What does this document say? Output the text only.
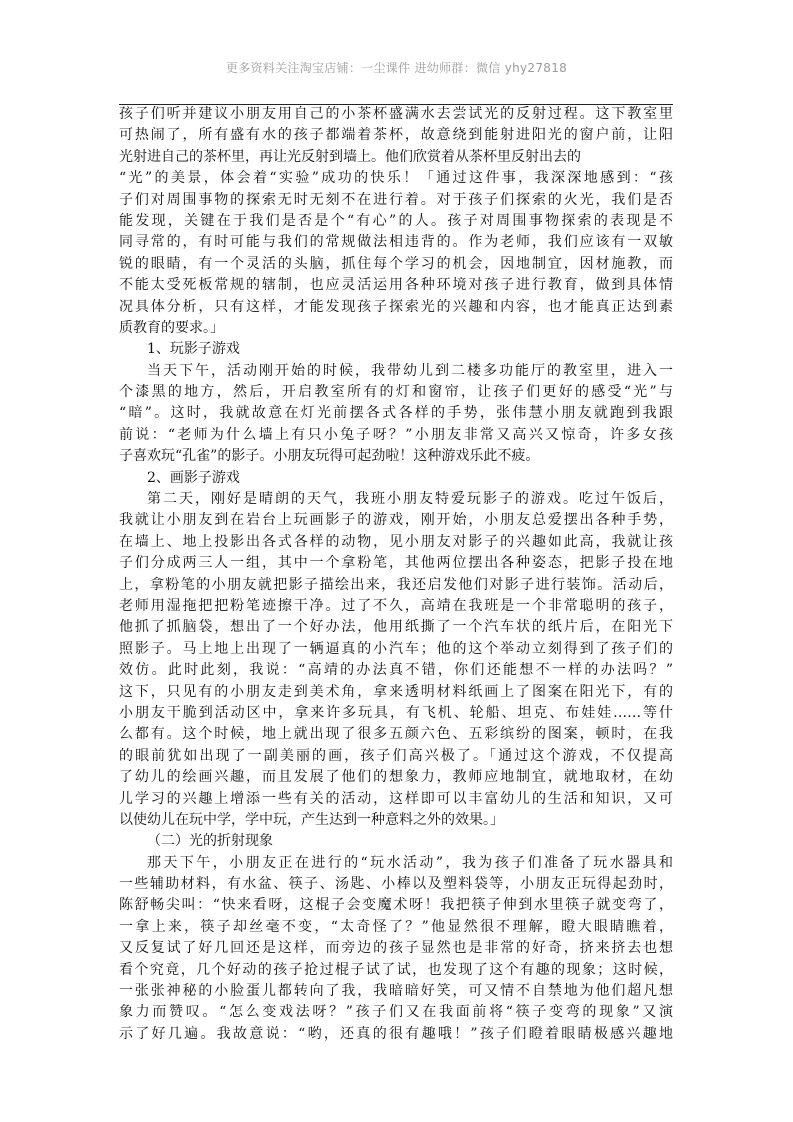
更多资料关注淘宝店铺：一尘课件 进幼师群：微信 yhy27818
孩子们听并建议小朋友用自己的小茶杯盛满水去尝试光的反射过程。这下教室里
可热闹了，所有盛有水的孩子都端着茶杯，故意绕到能射进阳光的窗户前，让阳
光射进自己的茶杯里，再让光反射到墙上。他们欣赏着从茶杯里反射出去的
“光”的美景，体会着“实验”成功的快乐！「通过这件事，我深深地感到：“孩
子们对周围事物的探索无时无刻不在进行着。对于孩子们探索的火光，我们是否
能发现，关键在于我们是否是个“有心”的人。孩子对周围事物探索的表现是不
同寻常的，有时可能与我们的常规做法相违背的。作为老师，我们应该有一双敏
锐的眼睛，有一个灵活的头脑，抓住每个学习的机会，因地制宜，因材施教，而
不能太受死板常规的辖制，也应灵活运用各种环境对孩子进行教育，做到具体情
况具体分析，只有这样，才能发现孩子探索光的兴趣和内容，也才能真正达到素
质教育的要求。」
1、玩影子游戏
当天下午，活动刚开始的时候，我带幼儿到二楼多功能厅的教室里，进入一
个漆黑的地方，然后，开启教室所有的灯和窗帘，让孩子们更好的感受“光”与
“暗”。这时，我就故意在灯光前摆各式各样的手势，张伟慧小朋友就跑到我跟
前说：“老师为什么墙上有只小兔子呀？”小朋友非常又高兴又惊奇，许多女孩
子喜欢玩“孔雀”的影子。小朋友玩得可起劲啦！这种游戏乐此不疲。
2、画影子游戏
第二天，刚好是晴朗的天气，我班小朋友特爱玩影子的游戏。吃过午饭后，
我就让小朋友到在岩台上玩画影子的游戏，刚开始，小朋友总爱摆出各种手势，
在墙上、地上投影出各式各样的动物，见小朋友对影子的兴趣如此高，我就让孩
子们分成两三人一组，其中一个拿粉笔，其他两位摆出各种姿态，把影子投在地
上，拿粉笔的小朋友就把影子描绘出来，我还启发他们对影子进行装饰。活动后，
老师用湿拖把把粉笔迹擦干净。过了不久，高靖在我班是一个非常聪明的孩子，
他抓了抓脑袋，想出了一个好办法，他用纸撕了一个汽车状的纸片后，在阳光下
照影子。马上地上出现了一辆逼真的小汽车；他的这个举动立刻得到了孩子们的
效仿。此时此刻，我说：“高靖的办法真不错，你们还能想不一样的办法吗？”
这下，只见有的小朋友走到美术角，拿来透明材料纸画上了图案在阳光下，有的
小朋友干脆到活动区中，拿来许多玩具，有飞机、轮船、坦克、布娃娃……等什
么都有。这个时候，地上就出现了很多五颜六色、五彩缤纷的图案，顿时，在我
的眼前犹如出现了一副美丽的画，孩子们高兴极了。「通过这个游戏，不仅提高
了幼儿的绘画兴趣，而且发展了他们的想象力，教师应地制宜，就地取材，在幼
儿学习的兴趣上增添一些有关的活动，这样即可以丰富幼儿的生活和知识，又可
以使幼儿在玩中学，学中玩，产生达到一种意料之外的效果。」
（二）光的折射现象
那天下午，小朋友正在进行的“玩水活动”，我为孩子们准备了玩水器具和
一些辅助材料，有水盆、筷子、汤匙、小棒以及塑料袋等，小朋友正玩得起劲时，
陈舒畅尖叫：“快来看呀，这棍子会变魔术呀！我把筷子伸到水里筷子就变弯了，
一拿上来，筷子却丝毫不变，“太奇怪了？”他显然很不理解，瞪大眼睛瞧着，
又反复试了好几回还是这样，而旁边的孩子显然也是非常的好奇，挤来挤去也想
看个究竟，几个好动的孩子抢过棍子试了试，也发现了这个有趣的现象；这时候，
一张张神秘的小脸蛋儿都转向了我，我暗暗好笑，可又情不自禁地为他们超凡想
象力而赞叹。“怎么变戏法呀？”孩子们又在我面前将“筷子变弯的现象”又演
示了好几遍。我故意说：“哟，还真的很有趣哦！”孩子们瞪着眼睛极感兴趣地
